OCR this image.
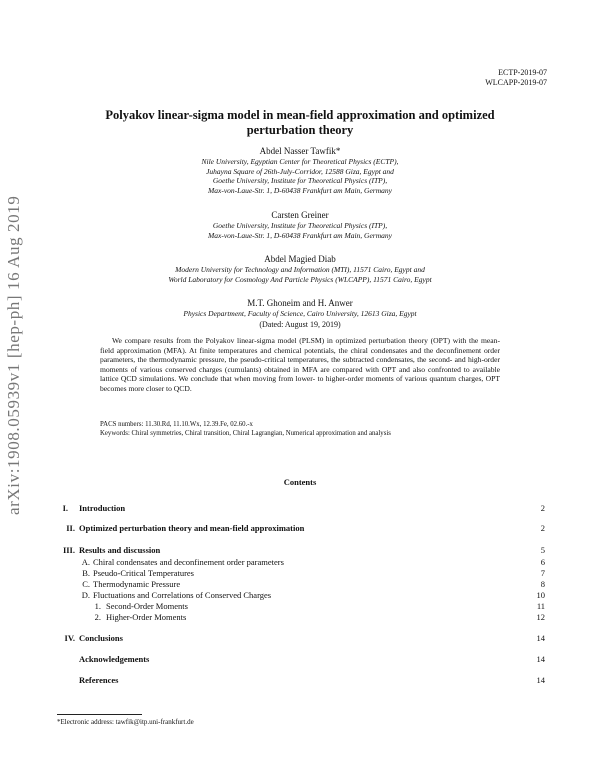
arXiv:1908.05939v1 [hep-ph] 16 Aug 2019
ECTP-2019-07
WLCAPP-2019-07
Polyakov linear-sigma model in mean-field approximation and optimized
perturbation theory
Abdel Nasser Tawfik*
Nile University, Egyptian Center for Theoretical Physics (ECTP),
Juhayna Square of 26th-July-Corridor, 12588 Giza, Egypt and
Goethe University, Institute for Theoretical Physics (ITP),
Max-von-Laue-Str. 1, D-60438 Frankfurt am Main, Germany
Carsten Greiner
Goethe University, Institute for Theoretical Physics (ITP),
Max-von-Laue-Str. 1, D-60438 Frankfurt am Main, Germany
Abdel Magied Diab
Modern University for Technology and Information (MTI), 11571 Cairo, Egypt and
World Laboratory for Cosmology And Particle Physics (WLCAPP), 11571 Cairo, Egypt
M.T. Ghoneim and H. Anwer
Physics Department, Faculty of Science, Cairo University, 12613 Giza, Egypt
(Dated: August 19, 2019)
We compare results from the Polyakov linear-sigma model (PLSM) in optimized perturbation theory (OPT) with the mean-field approximation (MFA). At finite temperatures and chemical potentials, the chiral condensates and the deconfinement order parameters, the thermodynamic pressure, the pseudo-critical temperatures, the subtracted condensates, the second- and high-order moments of various conserved charges (cumulants) obtained in MFA are compared with OPT and also confronted to available lattice QCD simulations. We conclude that when moving from lower- to higher-order moments of various quantum charges, OPT becomes more closer to QCD.
PACS numbers: 11.30.Rd, 11.10.Wx, 12.39.Fe, 02.60.-x
Keywords: Chiral symmetries, Chiral transition, Chiral Lagrangian, Numerical approximation and analysis
Contents
I. Introduction	2
II. Optimized perturbation theory and mean-field approximation	2
III. Results and discussion	5
A. Chiral condensates and deconfinement order parameters	6
B. Pseudo-Critical Temperatures	7
C. Thermodynamic Pressure	8
D. Fluctuations and Correlations of Conserved Charges	10
1. Second-Order Moments	11
2. Higher-Order Moments	12
IV. Conclusions	14
Acknowledgements	14
References	14
*Electronic address: tawfik@itp.uni-frankfurt.de
